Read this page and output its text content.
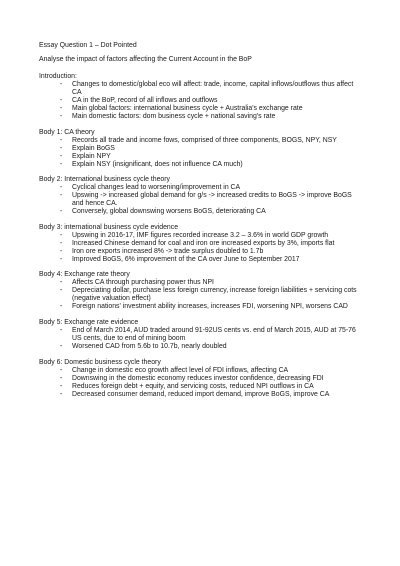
Essay Question 1 – Dot Pointed

Analyse the impact of factors affecting the Current Account in the BoP

Introduction:

- Changes to domestic/global eco will affect: trade, income, capital inflows/outflows thus affect CA
- CA in the BoP, record of all inflows and outflows
- Main global factors: international business cycle + Australia's exchange rate
- Main domestic factors: dom business cycle + national saving's rate

Body 1: CA theory

- Records all trade and income fows, comprised of three components, BOGS, NPY, NSY
- Explain BoGS
- Explain NPY
- Explain NSY (insignificant, does not influence CA much)

Body 2: International business cycle theory

- Cyclical changes lead to worsening/improvement in CA
- Upswing -> increased global demand for g/s -> increased credits to BoGS -> improve BoGS and hence CA.
- Conversely, global downswing worsens BoGS, deteriorating CA

Body 3: international business cycle evidence

- Upswing in 2016-17, IMF figures recorded increase 3.2 – 3.6% in world GDP growth
- Increased Chinese demand for coal and iron ore increased exports by 3%, imports flat
- Iron ore exports increased 8% -> trade surplus doubled to 1.7b
- Improved BoGS, 6% improvement of the CA over June to September 2017

Body 4: Exchange rate theory

- Affects CA through purchasing power thus NPI
- Depreciating dollar, purchase less foreign currency, increase foreign liabilities + servicing cots (negative valuation effect)
- Foreign nations' investment ability increases, increases FDI, worsening NPI, worsens CAD

Body 5: Exchange rate evidence

- End of March 2014, AUD traded around 91-92US cents vs. end of March 2015, AUD at 75-76 US cents, due to end of mining boom
- Worsened CAD from 5.6b to 10.7b, nearly doubled

Body 6: Domestic business cycle theory

- Change in domestic eco growth affect level of FDI inflows, affecting CA
- Downswing in the domestic economy reduces investor confidence, decreasing FDI
- Reduces foreign debt + equity, and servicing costs, reduced NPI outflows in CA
- Decreased consumer demand, reduced import demand, improve BoGS, improve CA
